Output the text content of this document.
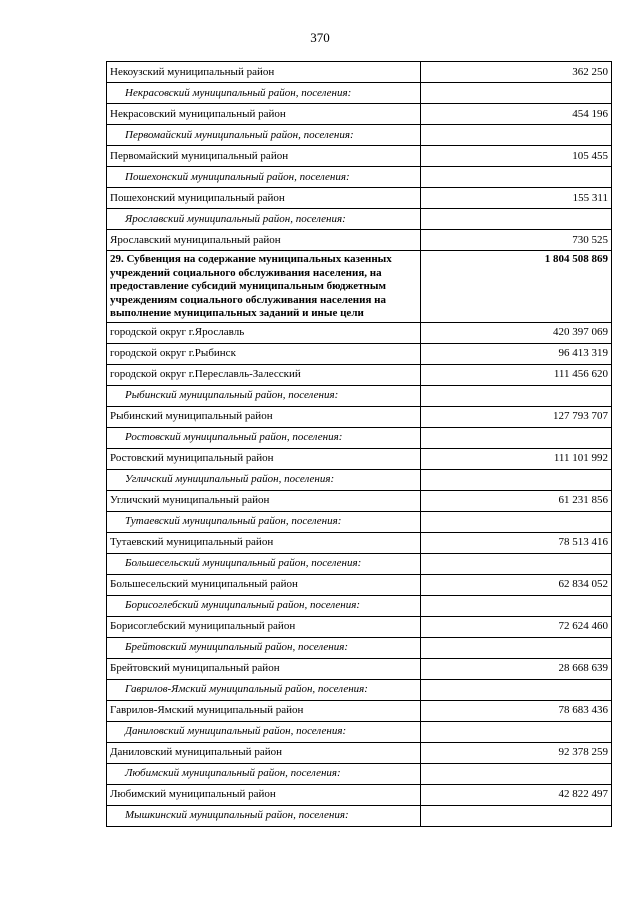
370
Некоузский муниципальный район	362 250
Некрасовский муниципальный район, поселения:	
Некрасовский муниципальный район	454 196
Первомайский муниципальный район, поселения:	
Первомайский муниципальный район	105 455
Пошехонский муниципальный район, поселения:	
Пошехонский муниципальный район	155 311
Ярославский муниципальный район, поселения:	
Ярославский муниципальный район	730 525
29. Субвенция на содержание муниципальных казенных учреждений социального обслуживания населения, на предоставление субсидий муниципальным бюджетным учреждениям социального обслуживания населения на выполнение муниципальных заданий и иные цели	1 804 508 869
городской округ г.Ярославль	420 397 069
городской округ г.Рыбинск	96 413 319
городской округ г.Переславль-Залесский	111 456 620
Рыбинский муниципальный район, поселения:	
Рыбинский муниципальный район	127 793 707
Ростовский муниципальный район, поселения:	
Ростовский муниципальный район	111 101 992
Угличский муниципальный район, поселения:	
Угличский муниципальный район	61 231 856
Тутаевский муниципальный район, поселения:	
Тутаевский муниципальный район	78 513 416
Большесельский муниципальный район, поселения:	
Большесельский муниципальный район	62 834 052
Борисоглебский муниципальный район, поселения:	
Борисоглебский муниципальный район	72 624 460
Брейтовский муниципальный район, поселения:	
Брейтовский муниципальный район	28 668 639
Гаврилов-Ямский муниципальный район, поселения:	
Гаврилов-Ямский муниципальный район	78 683 436
Даниловский муниципальный район, поселения:	
Даниловский муниципальный район	92 378 259
Любимский муниципальный район, поселения:	
Любимский муниципальный район	42 822 497
Мышкинский муниципальный район, поселения:	
